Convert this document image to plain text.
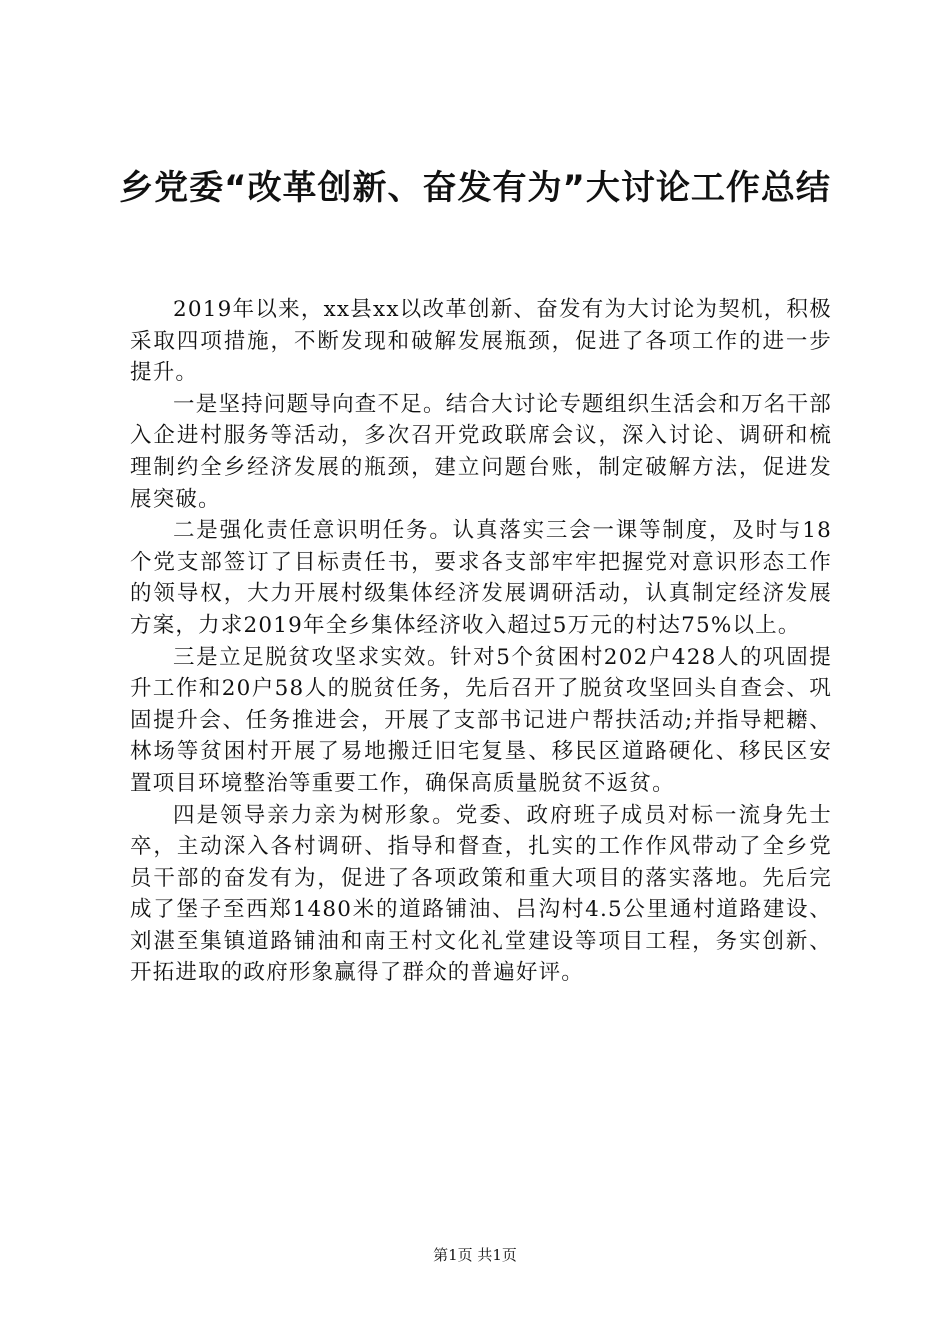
乡党委“改革创新、奋发有为”大讨论工作总结

2019年以来，xx县xx以改革创新、奋发有为大讨论为契机，积极采取四项措施，不断发现和破解发展瓶颈，促进了各项工作的进一步提升。

一是坚持问题导向查不足。结合大讨论专题组织生活会和万名干部入企进村服务等活动，多次召开党政联席会议，深入讨论、调研和梳理制约全乡经济发展的瓶颈，建立问题台账，制定破解方法，促进发展突破。

二是强化责任意识明任务。认真落实三会一课等制度，及时与18个党支部签订了目标责任书，要求各支部牢牢把握党对意识形态工作的领导权，大力开展村级集体经济发展调研活动，认真制定经济发展方案，力求2019年全乡集体经济收入超过5万元的村达75%以上。

三是立足脱贫攻坚求实效。针对5个贫困村202户428人的巩固提升工作和20户58人的脱贫任务，先后召开了脱贫攻坚回头自查会、巩固提升会、任务推进会，开展了支部书记进户帮扶活动;并指导耙耱、林场等贫困村开展了易地搬迁旧宅复垦、移民区道路硬化、移民区安置项目环境整治等重要工作，确保高质量脱贫不返贫。

四是领导亲力亲为树形象。党委、政府班子成员对标一流身先士卒，主动深入各村调研、指导和督查，扎实的工作作风带动了全乡党员干部的奋发有为，促进了各项政策和重大项目的落实落地。先后完成了堡子至西郑1480米的道路铺油、吕沟村4.5公里通村道路建设、刘湛至集镇道路铺油和南王村文化礼堂建设等项目工程，务实创新、开拓进取的政府形象赢得了群众的普遍好评。

第1页 共1页
